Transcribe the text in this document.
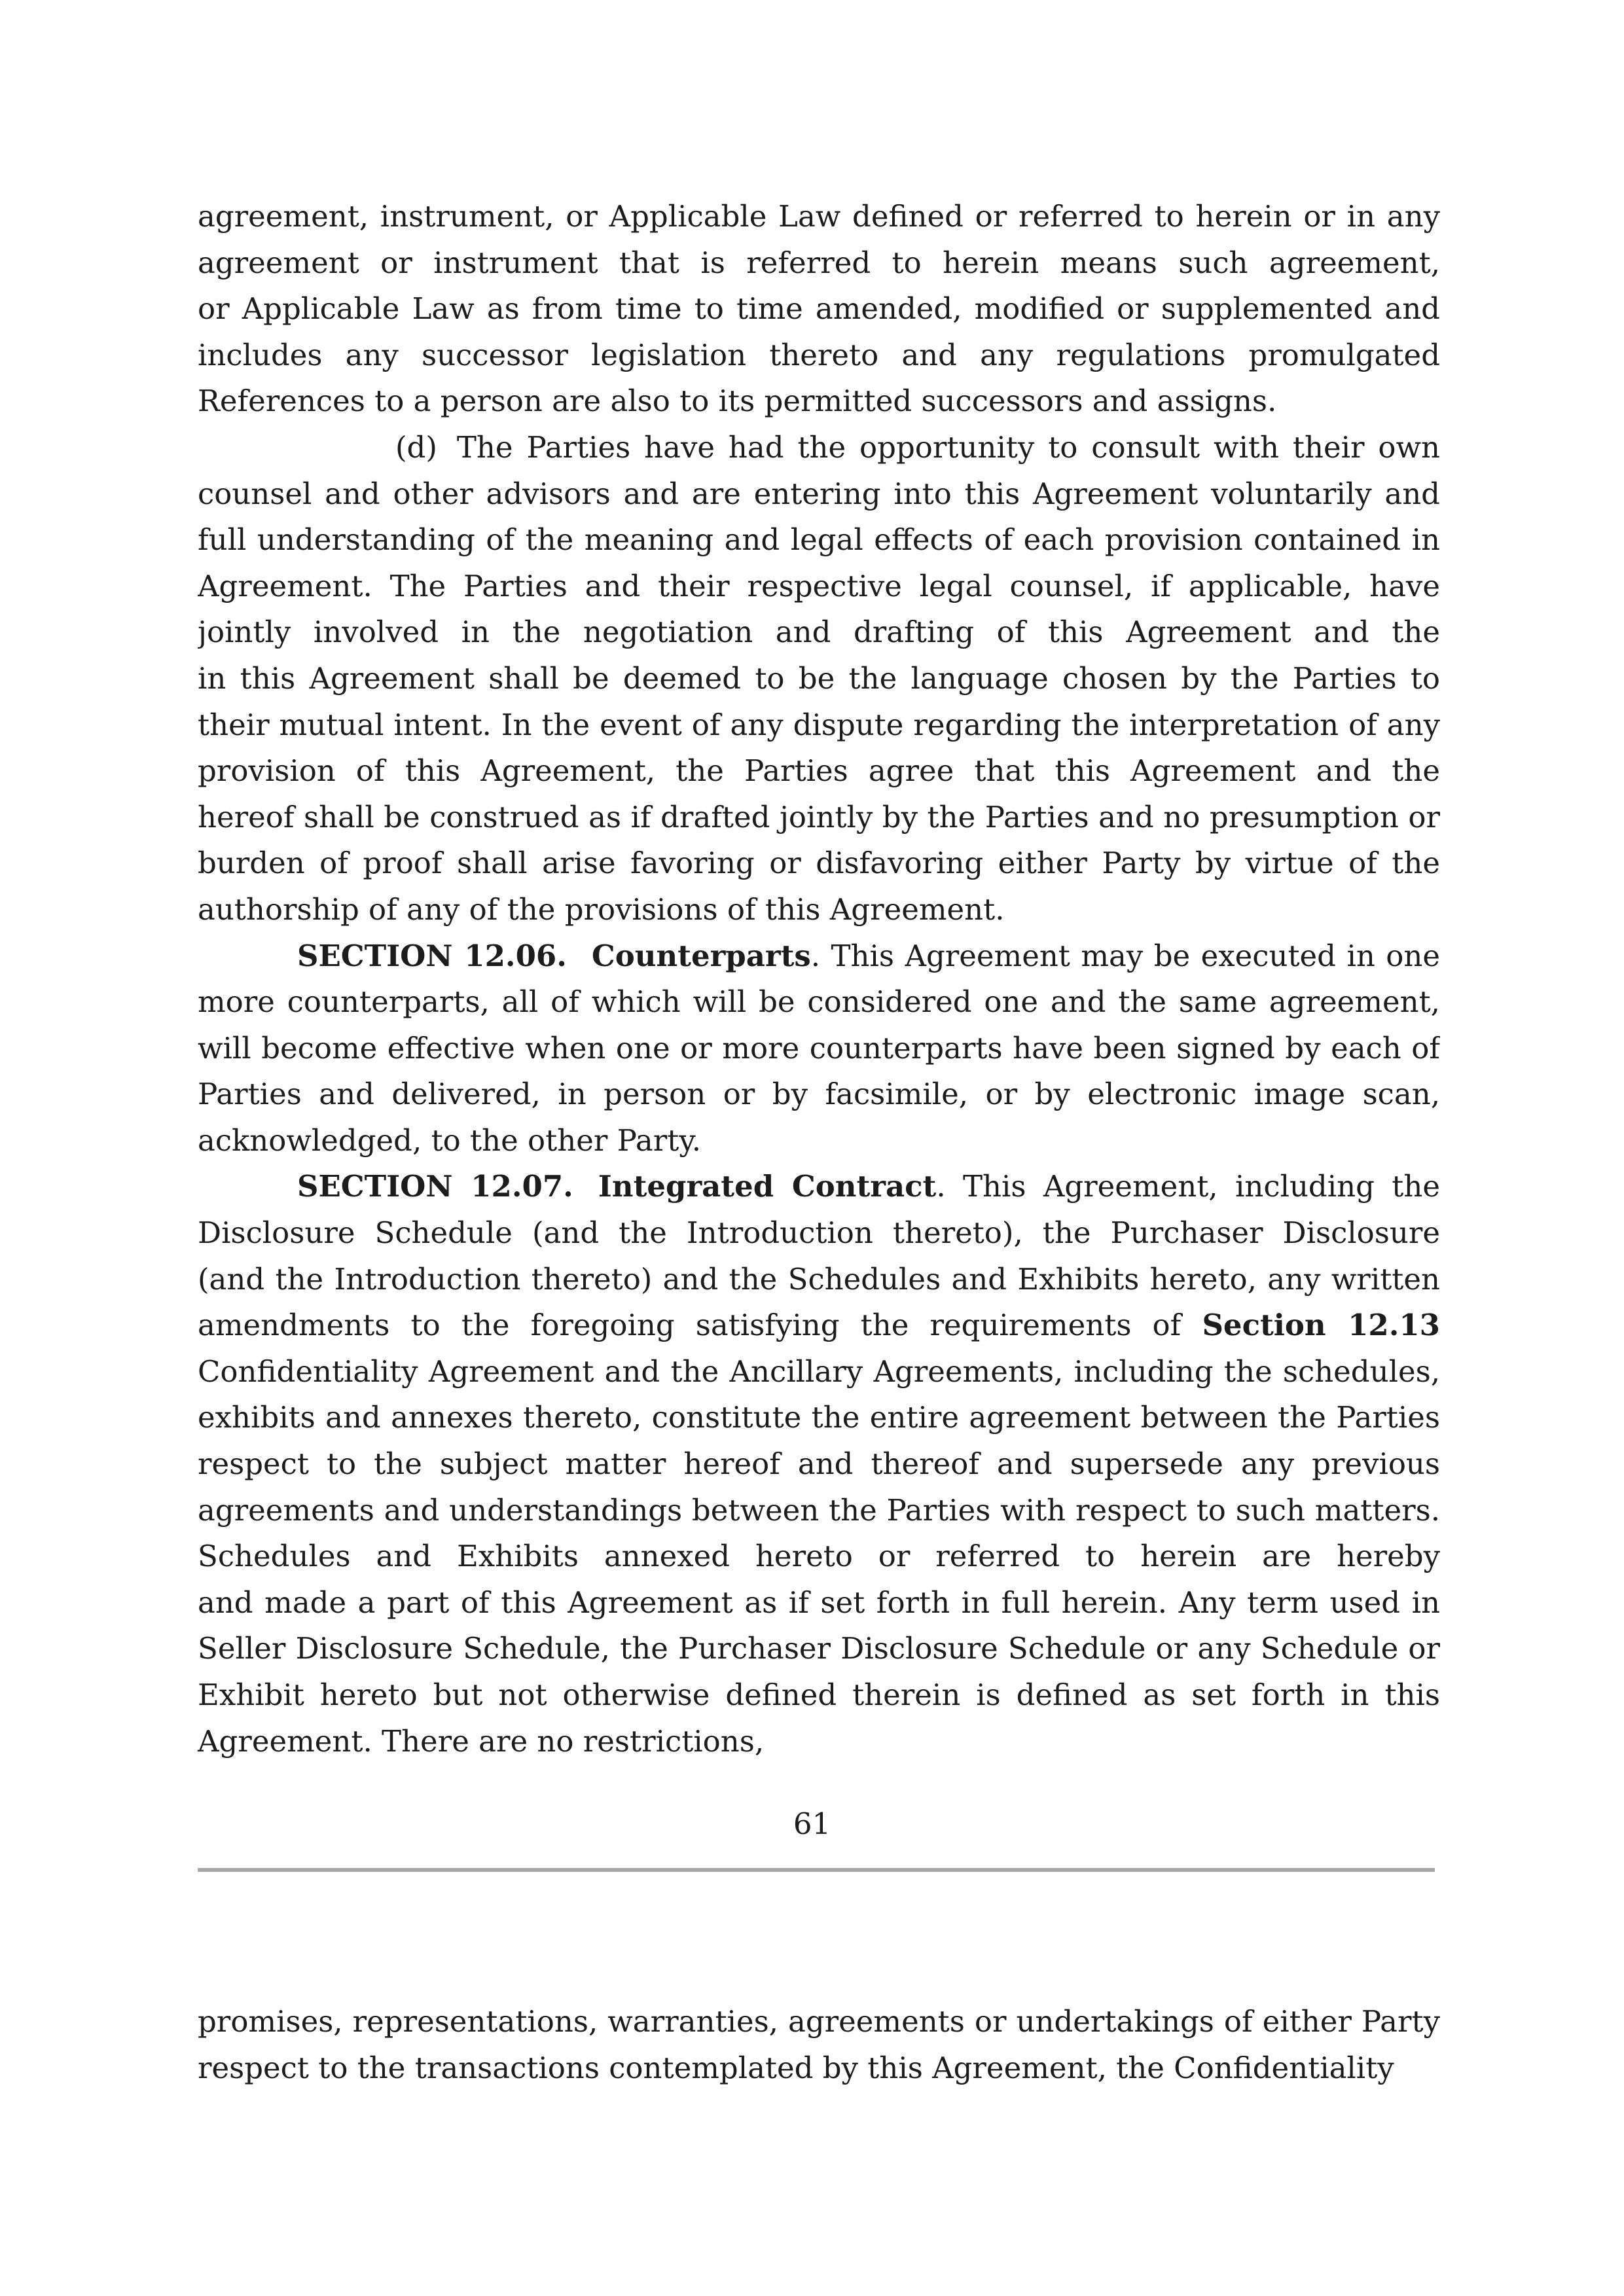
agreement, instrument, or Applicable Law defined or referred to herein or in any
agreement or instrument that is referred to herein means such agreement,
or Applicable Law as from time to time amended, modified or supplemented and
includes any successor legislation thereto and any regulations promulgated
References to a person are also to its permitted successors and assigns.
(d) The Parties have had the opportunity to consult with their own
counsel and other advisors and are entering into this Agreement voluntarily and
full understanding of the meaning and legal effects of each provision contained in
Agreement. The Parties and their respective legal counsel, if applicable, have
jointly involved in the negotiation and drafting of this Agreement and the
in this Agreement shall be deemed to be the language chosen by the Parties to
their mutual intent. In the event of any dispute regarding the interpretation of any
provision of this Agreement, the Parties agree that this Agreement and the
hereof shall be construed as if drafted jointly by the Parties and no presumption or
burden of proof shall arise favoring or disfavoring either Party by virtue of the
authorship of any of the provisions of this Agreement.
SECTION 12.06. Counterparts. This Agreement may be executed in one
more counterparts, all of which will be considered one and the same agreement,
will become effective when one or more counterparts have been signed by each of
Parties and delivered, in person or by facsimile, or by electronic image scan,
acknowledged, to the other Party.
SECTION 12.07. Integrated Contract. This Agreement, including the
Disclosure Schedule (and the Introduction thereto), the Purchaser Disclosure
(and the Introduction thereto) and the Schedules and Exhibits hereto, any written
amendments to the foregoing satisfying the requirements of Section 12.13
Confidentiality Agreement and the Ancillary Agreements, including the schedules,
exhibits and annexes thereto, constitute the entire agreement between the Parties
respect to the subject matter hereof and thereof and supersede any previous
agreements and understandings between the Parties with respect to such matters.
Schedules and Exhibits annexed hereto or referred to herein are hereby
and made a part of this Agreement as if set forth in full herein. Any term used in
Seller Disclosure Schedule, the Purchaser Disclosure Schedule or any Schedule or
Exhibit hereto but not otherwise defined therein is defined as set forth in this
Agreement. There are no restrictions,
61
promises, representations, warranties, agreements or undertakings of either Party
respect to the transactions contemplated by this Agreement, the Confidentiality
